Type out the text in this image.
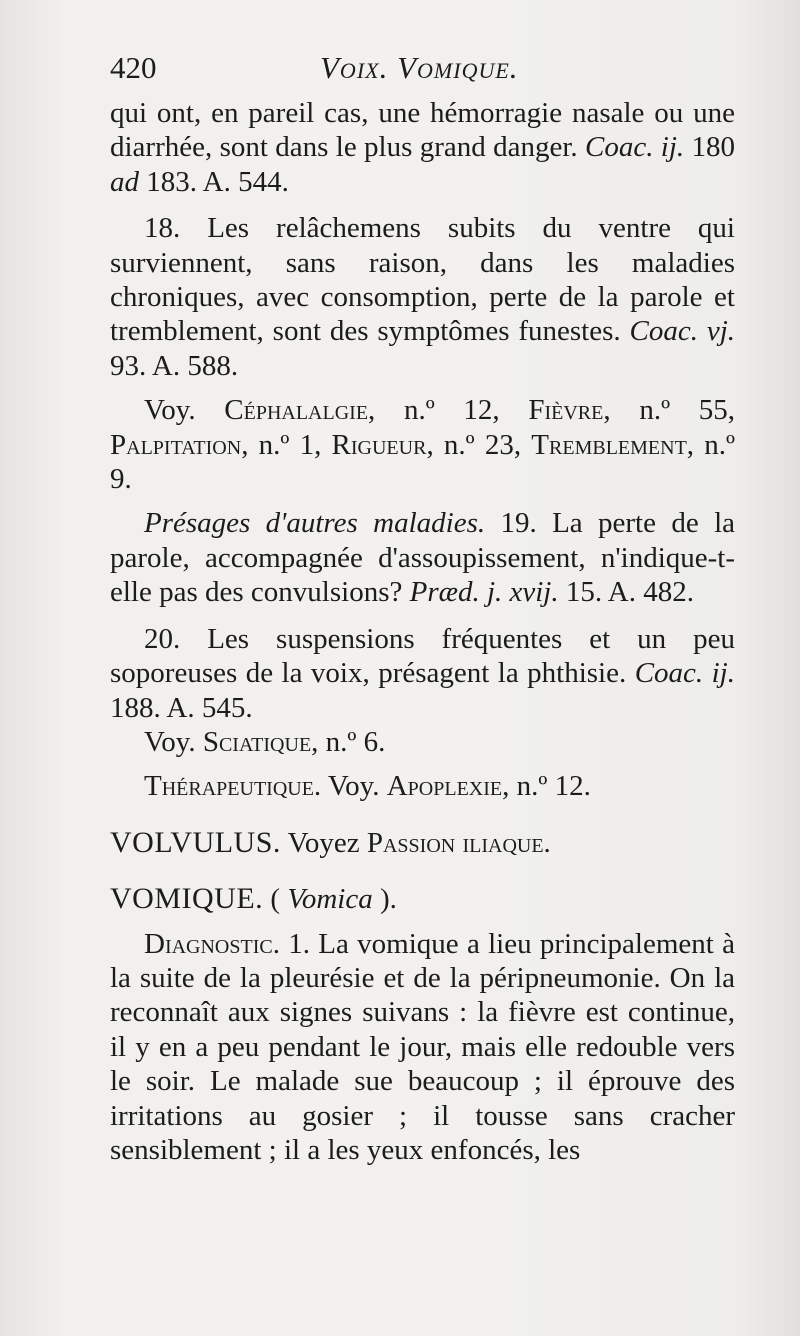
420	Voix. Vomique.

qui ont, en pareil cas, une hémorragie nasale ou une diarrhée, sont dans le plus grand danger. Coac. ij. 180 ad 183. A. 544.

18. Les relâchemens subits du ventre qui surviennent, sans raison, dans les maladies chroniques, avec consomption, perte de la parole et tremblement, sont des symptômes funestes. Coac. vj. 93. A. 588.

Voy. Céphalalgie, n.º 12, Fièvre, n.º 55, Palpitation, n.º 1, Rigueur, n.º 23, Tremblement, n.º 9.

Présages d'autres maladies. 19. La perte de la parole, accompagnée d'assoupissement, n'indique-t-elle pas des convulsions? Præd. j. xvij. 15. A. 482.

20. Les suspensions fréquentes et un peu soporeuses de la voix, présagent la phthisie. Coac. ij. 188. A. 545.

Voy. Sciatique, n.º 6.

Thérapeutique. Voy. Apoplexie, n.º 12.

VOLVULUS. Voyez Passion iliaque.

VOMIQUE. ( Vomica ).

Diagnostic. 1. La vomique a lieu principalement à la suite de la pleurésie et de la péripneumonie. On la reconnaît aux signes suivans : la fièvre est continue, il y en a peu pendant le jour, mais elle redouble vers le soir. Le malade sue beaucoup ; il éprouve des irritations au gosier ; il tousse sans cracher sensiblement ; il a les yeux enfoncés, les
